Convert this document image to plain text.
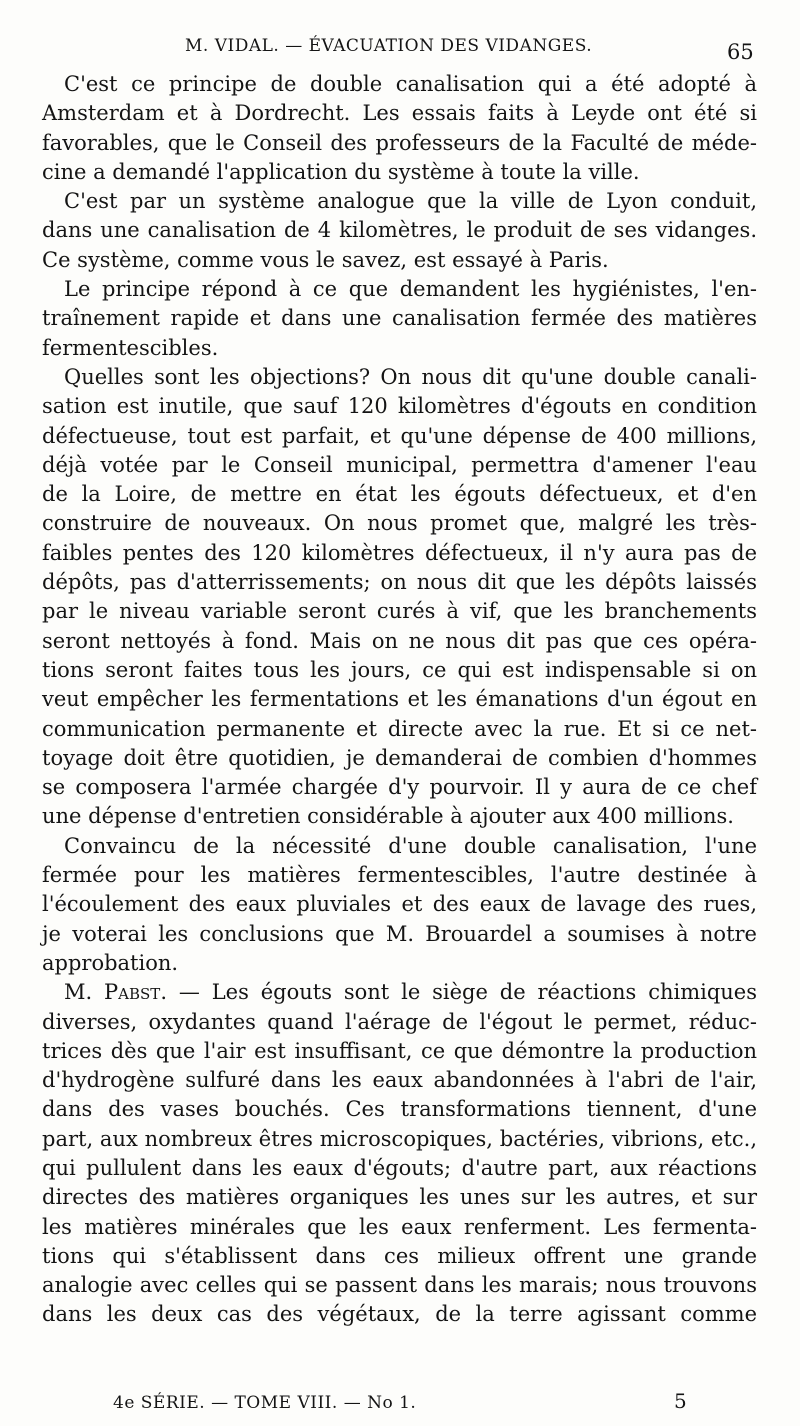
M. VIDAL. — ÉVACUATION DES VIDANGES.	65
C'est ce principe de double canalisation qui a été adopté à
Amsterdam et à Dordrecht. Les essais faits à Leyde ont été si
favorables, que le Conseil des professeurs de la Faculté de méde-
cine a demandé l'application du système à toute la ville.
C'est par un système analogue que la ville de Lyon conduit,
dans une canalisation de 4 kilomètres, le produit de ses vidanges.
Ce système, comme vous le savez, est essayé à Paris.
Le principe répond à ce que demandent les hygiénistes, l'en-
traînement rapide et dans une canalisation fermée des matières
fermentescibles.
Quelles sont les objections? On nous dit qu'une double canali-
sation est inutile, que sauf 120 kilomètres d'égouts en condition
défectueuse, tout est parfait, et qu'une dépense de 400 millions,
déjà votée par le Conseil municipal, permettra d'amener l'eau
de la Loire, de mettre en état les égouts défectueux, et d'en
construire de nouveaux. On nous promet que, malgré les très-
faibles pentes des 120 kilomètres défectueux, il n'y aura pas de
dépôts, pas d'atterrissements; on nous dit que les dépôts laissés
par le niveau variable seront curés à vif, que les branchements
seront nettoyés à fond. Mais on ne nous dit pas que ces opéra-
tions seront faites tous les jours, ce qui est indispensable si on
veut empêcher les fermentations et les émanations d'un égout en
communication permanente et directe avec la rue. Et si ce net-
toyage doit être quotidien, je demanderai de combien d'hommes
se composera l'armée chargée d'y pourvoir. Il y aura de ce chef
une dépense d'entretien considérable à ajouter aux 400 millions.
Convaincu de la nécessité d'une double canalisation, l'une
fermée pour les matières fermentescibles, l'autre destinée à
l'écoulement des eaux pluviales et des eaux de lavage des rues,
je voterai les conclusions que M. Brouardel a soumises à notre
approbation.
M. Pabst. — Les égouts sont le siège de réactions chimiques
diverses, oxydantes quand l'aérage de l'égout le permet, réduc-
trices dès que l'air est insuffisant, ce que démontre la production
d'hydrogène sulfuré dans les eaux abandonnées à l'abri de l'air,
dans des vases bouchés. Ces transformations tiennent, d'une
part, aux nombreux êtres microscopiques, bactéries, vibrions, etc.,
qui pullulent dans les eaux d'égouts; d'autre part, aux réactions
directes des matières organiques les unes sur les autres, et sur
les matières minérales que les eaux renferment. Les fermenta-
tions qui s'établissent dans ces milieux offrent une grande
analogie avec celles qui se passent dans les marais; nous trouvons
dans les deux cas des végétaux, de la terre agissant comme
4e SÉRIE. — TOME VIII. — No 1.	5
